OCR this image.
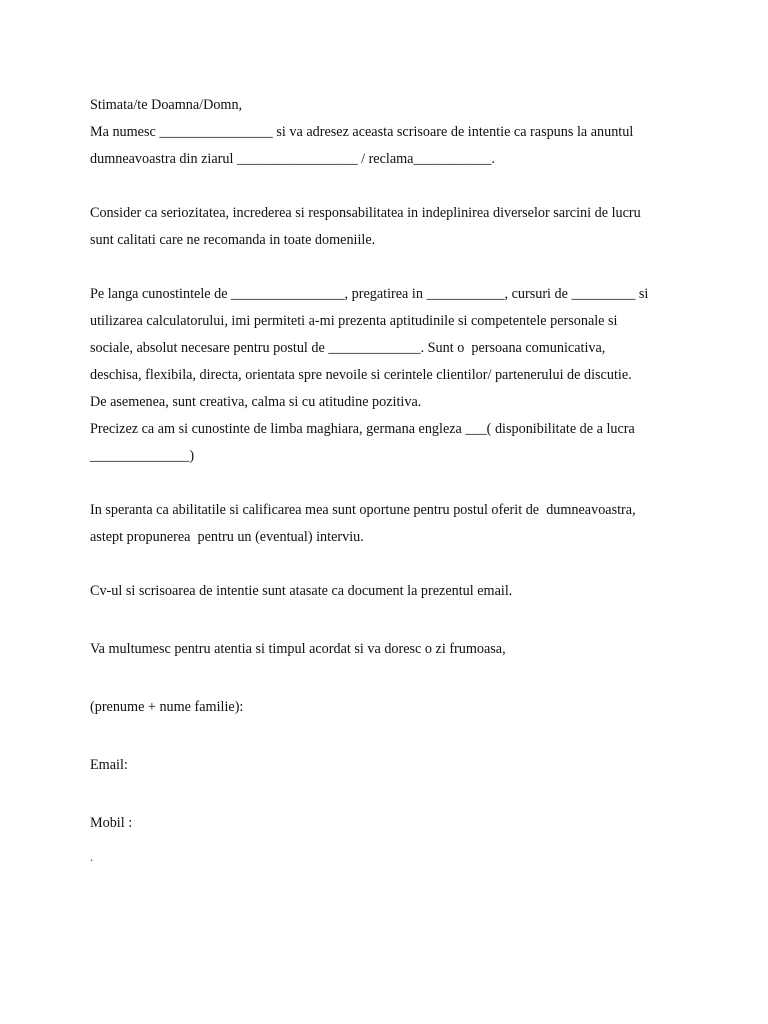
Stimata/te Doamna/Domn,
Ma numesc ________________ si va adresez aceasta scrisoare de intentie ca raspuns la anuntul
dumneavoastra din ziarul _________________ / reclama___________.
Consider ca seriozitatea, increderea si responsabilitatea in indeplinirea diverselor sarcini de lucru
sunt calitati care ne recomanda in toate domeniile.
Pe langa cunostintele de ________________, pregatirea in ___________, cursuri de _________ si
utilizarea calculatorului, imi permiteti a-mi prezenta aptitudinile si competentele personale si
sociale, absolut necesare pentru postul de _____________. Sunt o  persoana comunicativa,
deschisa, flexibila, directa, orientata spre nevoile si cerintele clientilor/ partenerului de discutie.
De asemenea, sunt creativa, calma si cu atitudine pozitiva.
Precizez ca am si cunostinte de limba maghiara, germana engleza ___( disponibilitate de a lucra
______________)
In speranta ca abilitatile si calificarea mea sunt oportune pentru postul oferit de  dumneavoastra,
astept propunerea  pentru un (eventual) interviu.
Cv-ul si scrisoarea de intentie sunt atasate ca document la prezentul email.
Va multumesc pentru atentia si timpul acordat si va doresc o zi frumoasa,
(prenume + nume familie):
Email:
Mobil :
.
